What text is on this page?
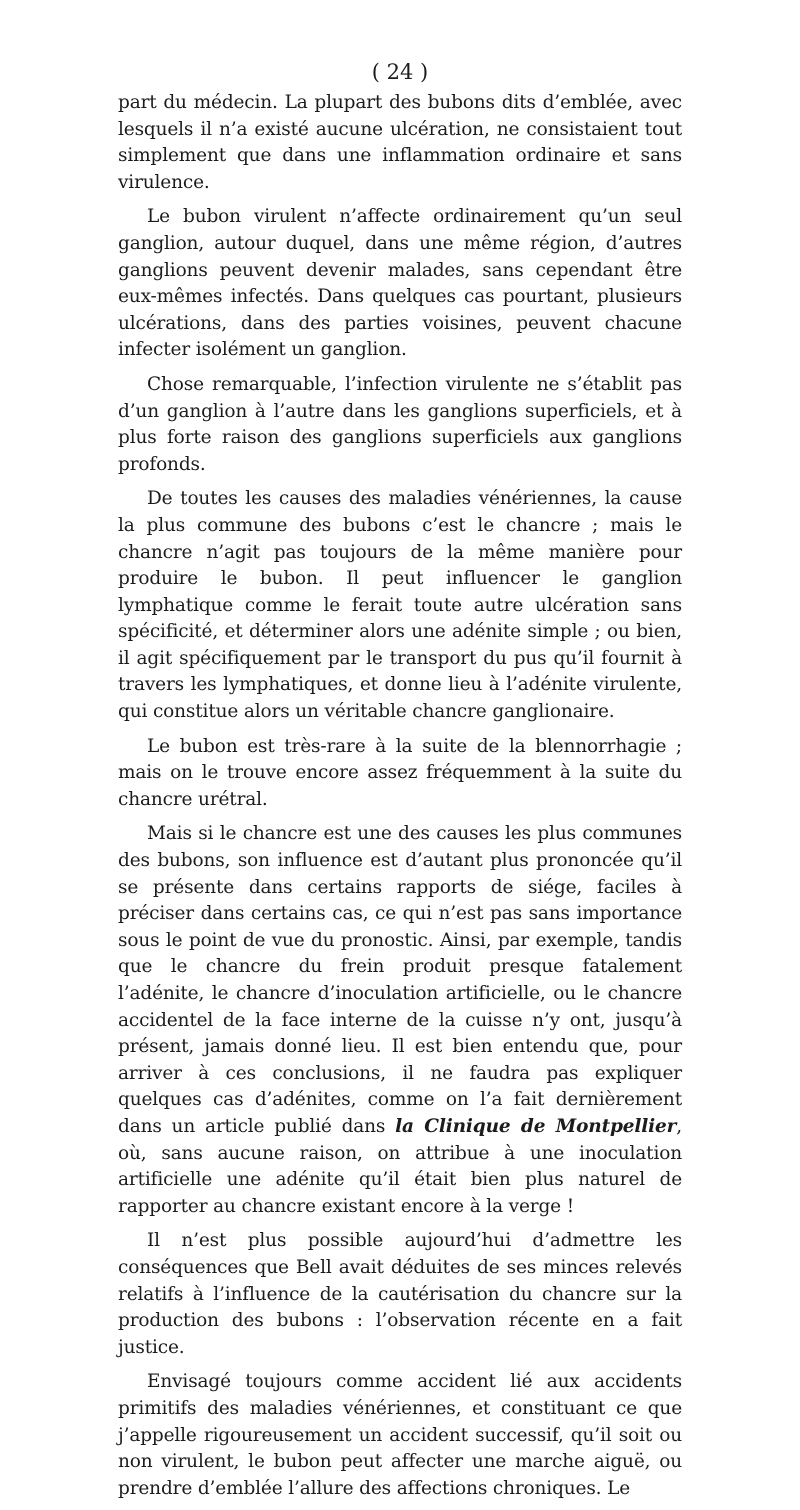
( 24 )

part du médecin. La plupart des bubons dits d’emblée, avec lesquels il n’a existé aucune ulcération, ne consistaient tout simplement que dans une inflammation ordinaire et sans virulence.

Le bubon virulent n’affecte ordinairement qu’un seul ganglion, autour duquel, dans une même région, d’autres ganglions peuvent devenir malades, sans cependant être eux-mêmes infectés. Dans quelques cas pourtant, plusieurs ulcérations, dans des parties voisines, peuvent chacune infecter isolément un ganglion.

Chose remarquable, l’infection virulente ne s’établit pas d’un ganglion à l’autre dans les ganglions superficiels, et à plus forte raison des ganglions superficiels aux ganglions profonds.

De toutes les causes des maladies vénériennes, la cause la plus commune des bubons c’est le chancre ; mais le chancre n’agit pas toujours de la même manière pour produire le bubon. Il peut influencer le ganglion lymphatique comme le ferait toute autre ulcération sans spécificité, et déterminer alors une adénite simple ; ou bien, il agit spécifiquement par le transport du pus qu’il fournit à travers les lymphatiques, et donne lieu à l’adénite virulente, qui constitue alors un véritable chancre ganglionaire.

Le bubon est très-rare à la suite de la blennorrhagie ; mais on le trouve encore assez fréquemment à la suite du chancre urétral.

Mais si le chancre est une des causes les plus communes des bubons, son influence est d’autant plus prononcée qu’il se présente dans certains rapports de siége, faciles à préciser dans certains cas, ce qui n’est pas sans importance sous le point de vue du pronostic. Ainsi, par exemple, tandis que le chancre du frein produit presque fatalement l’adénite, le chancre d’inoculation artificielle, ou le chancre accidentel de la face interne de la cuisse n’y ont, jusqu’à présent, jamais donné lieu. Il est bien entendu que, pour arriver à ces conclusions, il ne faudra pas expliquer quelques cas d’adénites, comme on l’a fait dernièrement dans un article publié dans la Clinique de Montpellier, où, sans aucune raison, on attribue à une inoculation artificielle une adénite qu’il était bien plus naturel de rapporter au chancre existant encore à la verge !

Il n’est plus possible aujourd’hui d’admettre les conséquences que Bell avait déduites de ses minces relevés relatifs à l’influence de la cautérisation du chancre sur la production des bubons : l’observation récente en a fait justice.

Envisagé toujours comme accident lié aux accidents primitifs des maladies vénériennes, et constituant ce que j’appelle rigoureusement un accident successif, qu’il soit ou non virulent, le bubon peut affecter une marche aiguë, ou prendre d’emblée l’allure des affections chroniques. Le
